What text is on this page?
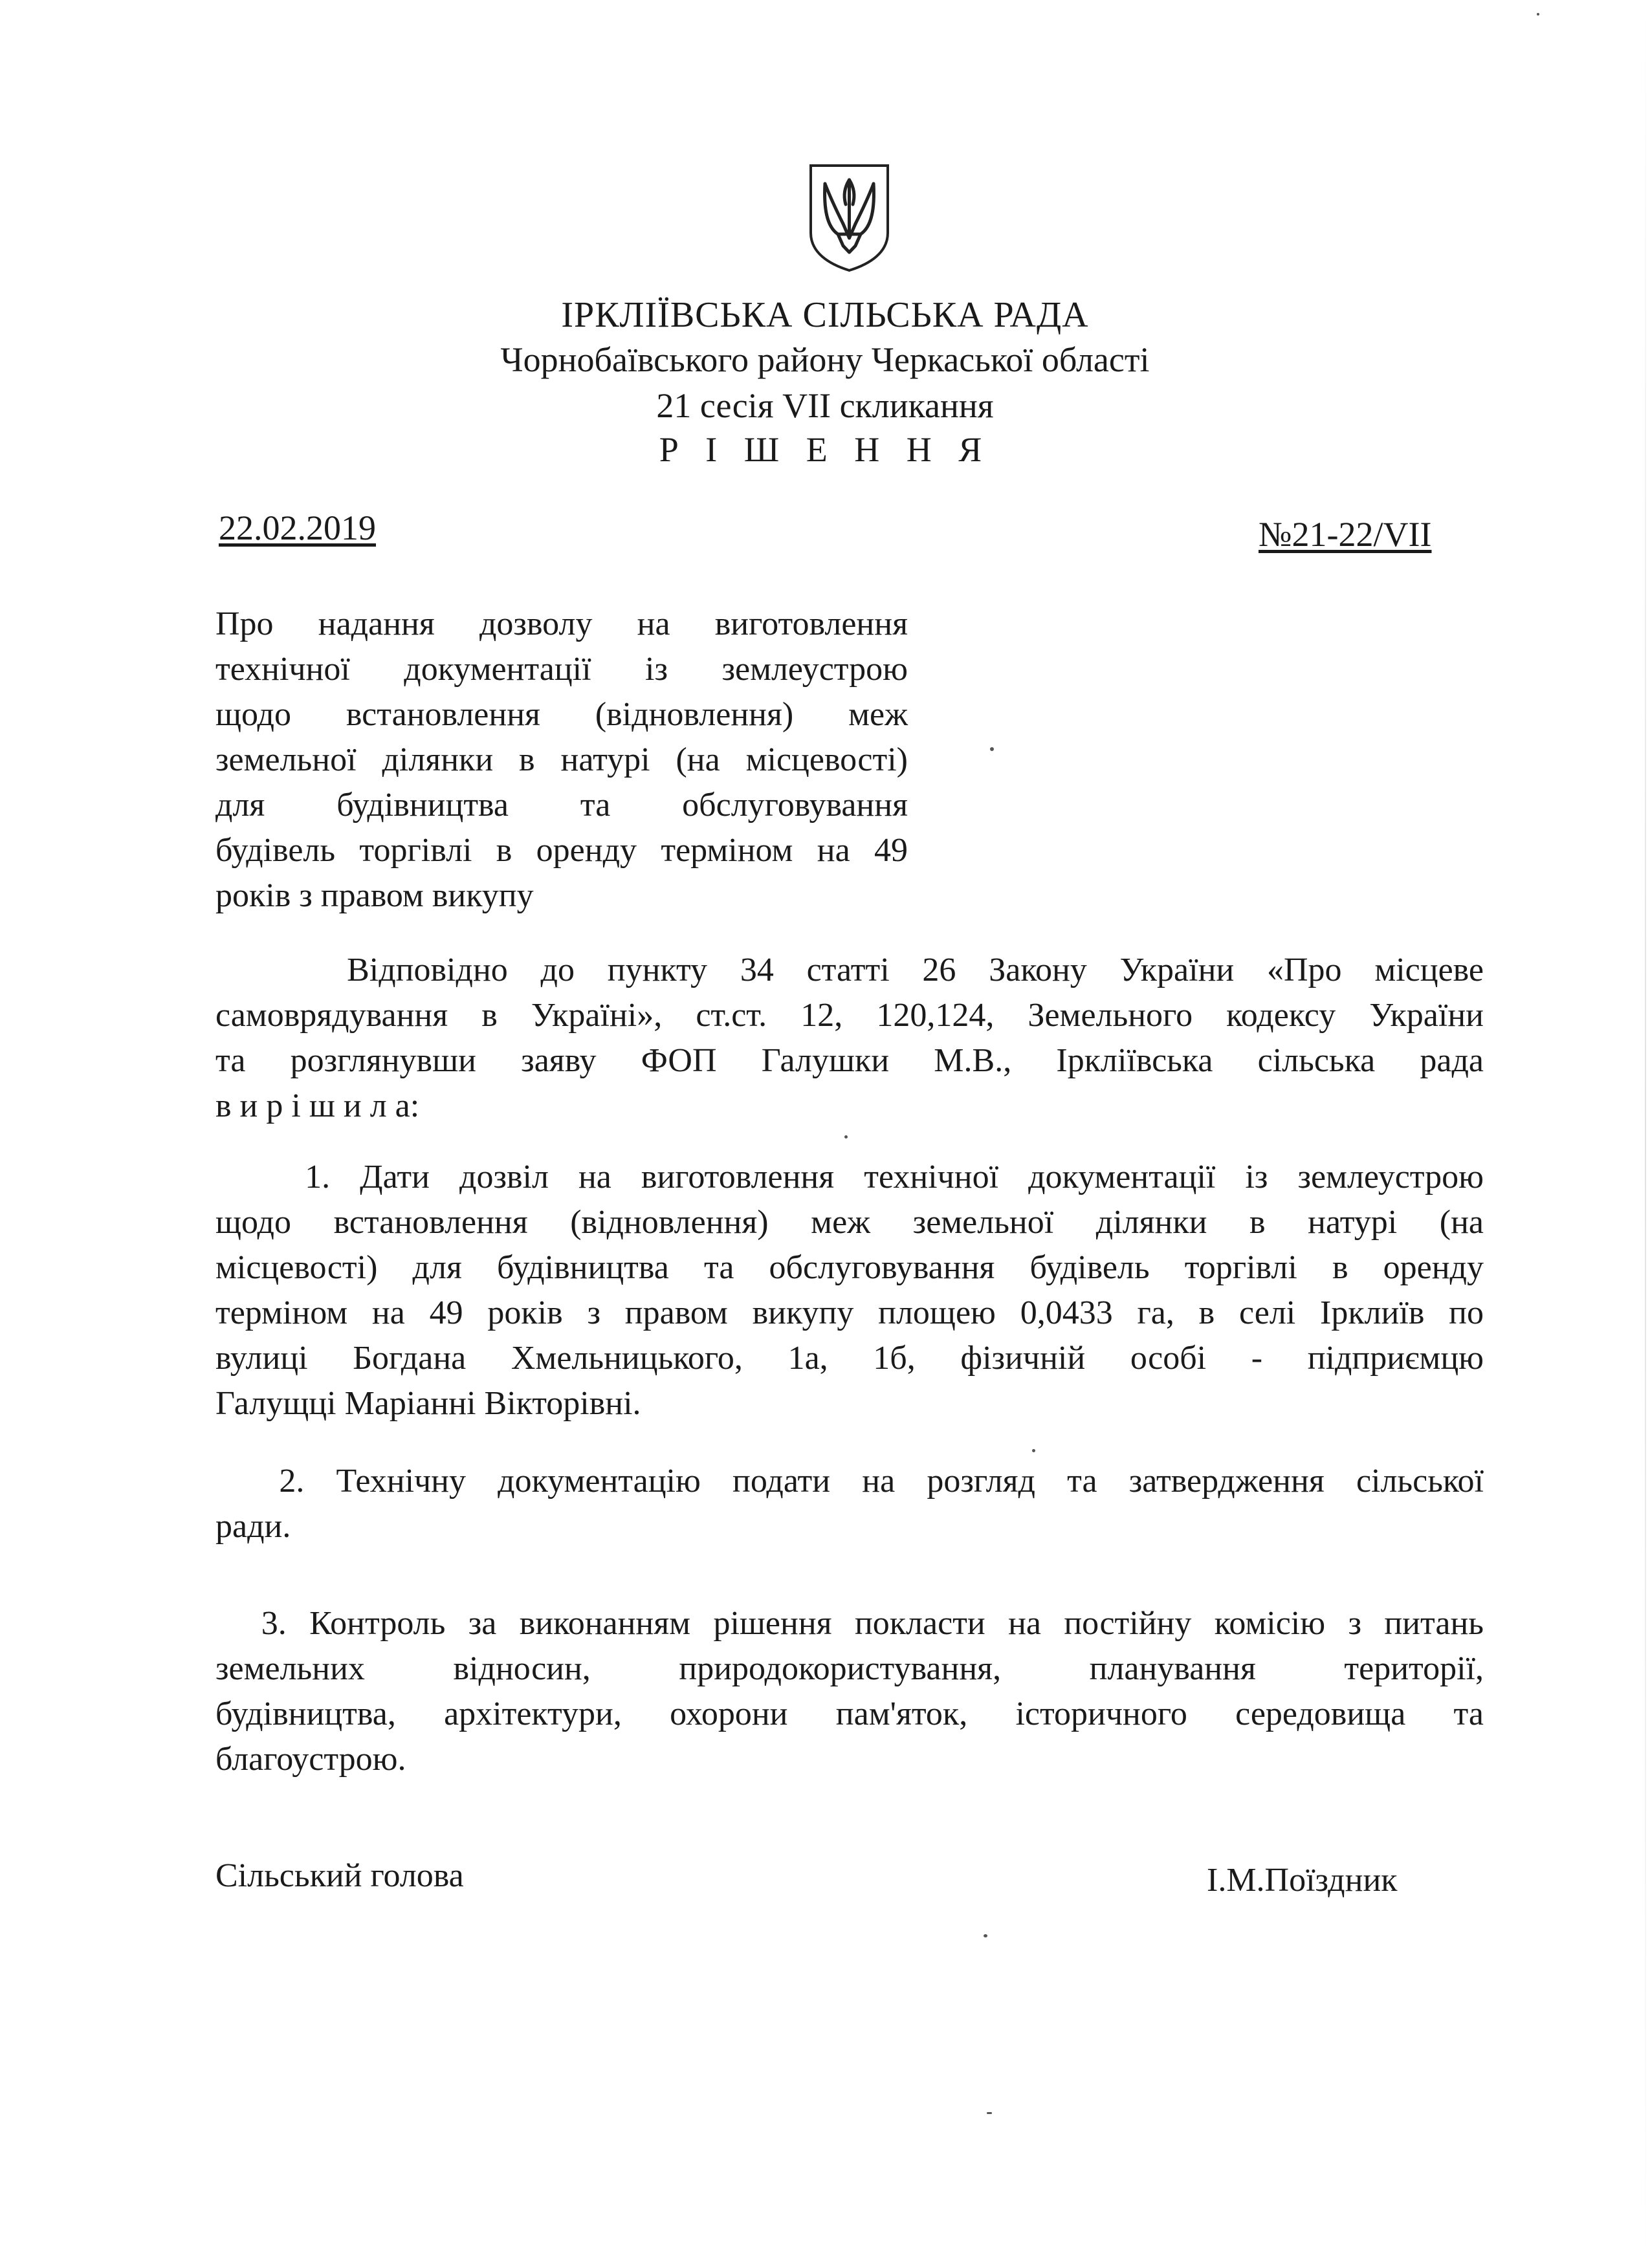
ІРКЛІЇВСЬКА СІЛЬСЬКА РАДА
Чорнобаївського району Черкаської області
21 сесія VII скликання
Р І Ш Е Н Н Я
22.02.2019	№21-22/VII
Про надання дозволу на виготовлення
технічної документації із землеустрою
щодо встановлення (відновлення) меж
земельної ділянки в натурі (на місцевості)
для будівництва та обслуговування
будівель торгівлі в оренду терміном на 49
років з правом викупу
Відповідно до пункту 34 статті 26 Закону України «Про місцеве
самоврядування в Україні», ст.ст. 12, 120,124, Земельного кодексу України
та розглянувши заяву ФОП Галушки М.В., Ірклiївська сільська рада
в и р і ш и л а:
1. Дати дозвіл на виготовлення технічної документації із землеустрою
щодо встановлення (відновлення) меж земельної ділянки в натурі (на
місцевості) для будівництва та обслуговування будівель торгівлі в оренду
терміном на 49 років з правом викупу площею 0,0433 га, в селі Ірклиїв по
вулиці Богдана Хмельницького, 1а, 1б, фізичній особі - підприємцю
Галущці Маріанні Вікторівні.
2. Технічну документацію подати на розгляд та затвердження сільської
ради.
3. Контроль за виконанням рішення покласти на постійну комісію з питань
земельних відносин, природокористування, планування території,
будівництва, архітектури, охорони пам'яток, історичного середовища та
благоустрою.
Сільський голова	І.М.Поїздник
